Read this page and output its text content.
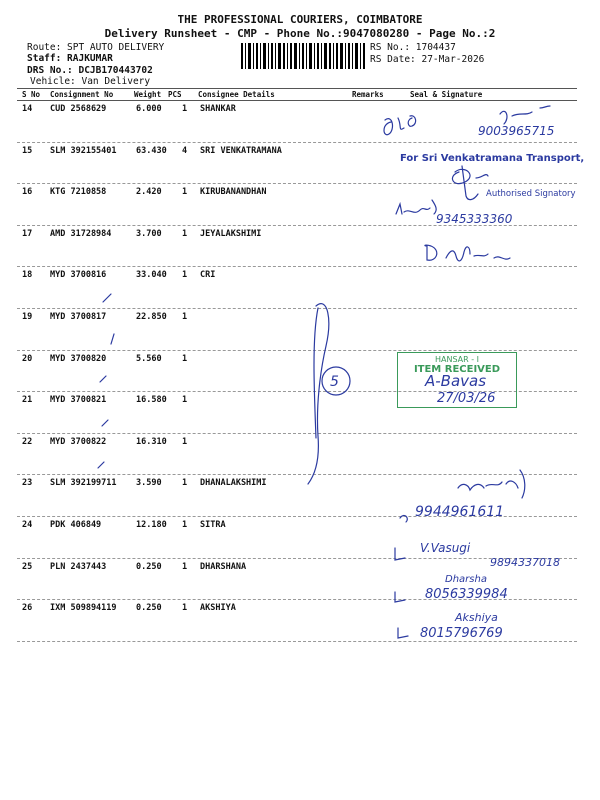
THE PROFESSIONAL COURIERS, COIMBATORE
Delivery Runsheet - CMP - Phone No.:9047080280 - Page No.:2
Route: SPT AUTO DELIVERY
Staff: RAJKUMAR
DRS No.: DCJB170443702
Vehicle: Van Delivery
RS No.: 1704437
RS Date: 27-Mar-2026
S No Consignment No	Weight PCS Consignee Details	Remarks	Seal & Signature
14 CUD 2568629	6.000 1 SHANKAR
15 SLM 392155401 63.430 4 SRI VENKATRAMANA
16 KTG 7210858	2.420 1 KIRUBANANDHAN
17 AMD 31728984	3.700 1 JEYALAKSHIMI
18 MYD 3700816	33.040 1 CRI
19 MYD 3700817	22.850 1
20 MYD 3700820	5.560 1
21 MYD 3700821	16.580 1
22 MYD 3700822	16.310 1
23 SLM 392199711 3.590 1 DHANALAKSHIMI
24 PDK 406849	12.180 1 SITRA
25 PLN 2437443	0.250 1 DHARSHANA
26 IXM 509894119 0.250 1 AKSHIYA
For Sri Venkatramana Transport,
Authorised Signatory
HANSAR - I
ITEM RECEIVED
A-Bavas
27/03/26
9003965715
9345333360
5
9944961611
V.Vasugi
9894337018
Dharsha
8056339984
Akshiya
8015796769
